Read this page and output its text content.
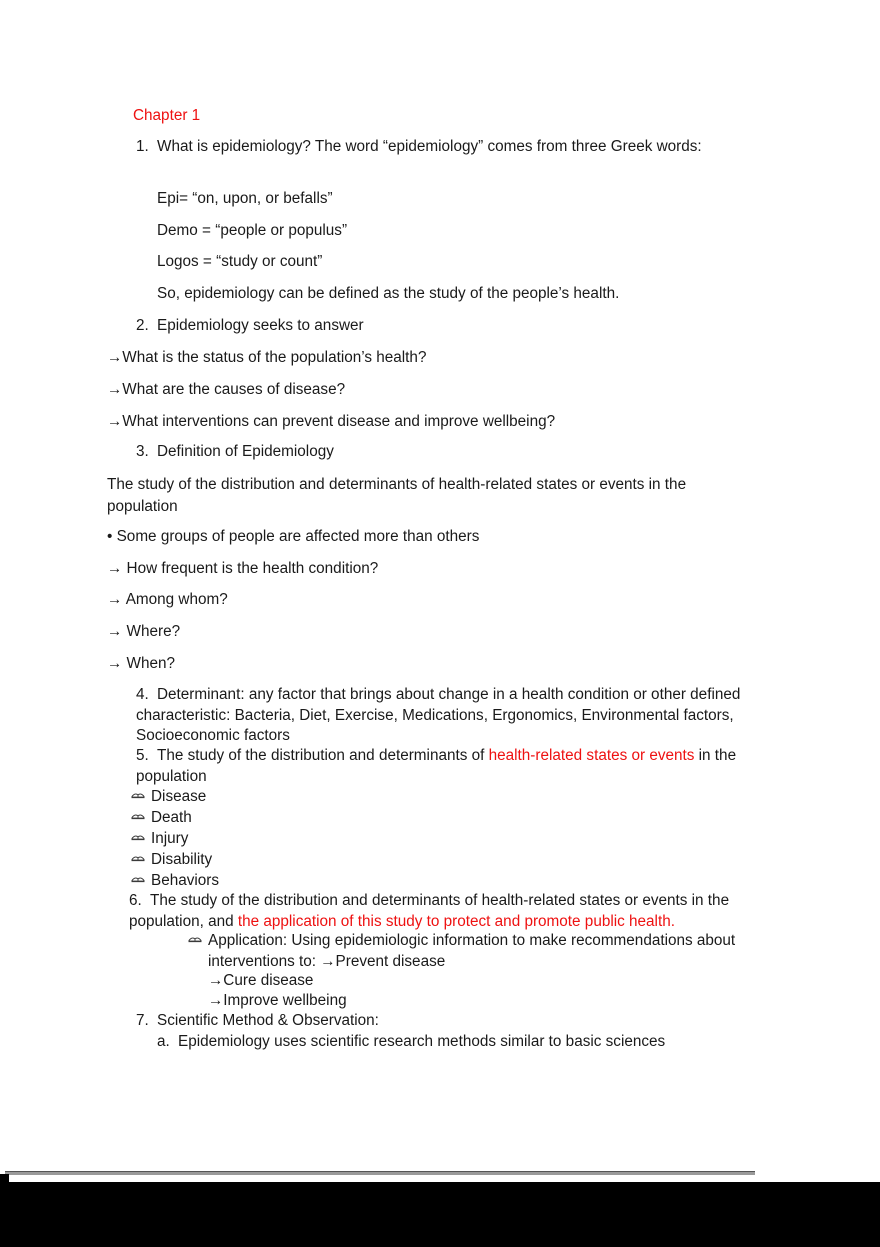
Chapter 1
1. What is epidemiology? The word “epidemiology” comes from three Greek words:
Epi= “on, upon, or befalls”
Demo = “people or populus”
Logos = “study or count”
So, epidemiology can be defined as the study of the people’s health.
2. Epidemiology seeks to answer
→What is the status of the population’s health?
→What are the causes of disease?
→What interventions can prevent disease and improve wellbeing?
3. Definition of Epidemiology
The study of the distribution and determinants of health-related states or events in the population
• Some groups of people are affected more than others
→ How frequent is the health condition?
→ Among whom?
→ Where?
→ When?
4. Determinant: any factor that brings about change in a health condition or other defined characteristic: Bacteria, Diet, Exercise, Medications, Ergonomics, Environmental factors, Socioeconomic factors
5. The study of the distribution and determinants of health-related states or events in the population
Disease
Death
Injury
Disability
Behaviors
6. The study of the distribution and determinants of health-related states or events in the population, and the application of this study to protect and promote public health.
Application: Using epidemiologic information to make recommendations about interventions to: →Prevent disease
→Cure disease
→Improve wellbeing
7. Scientific Method & Observation:
a. Epidemiology uses scientific research methods similar to basic sciences
